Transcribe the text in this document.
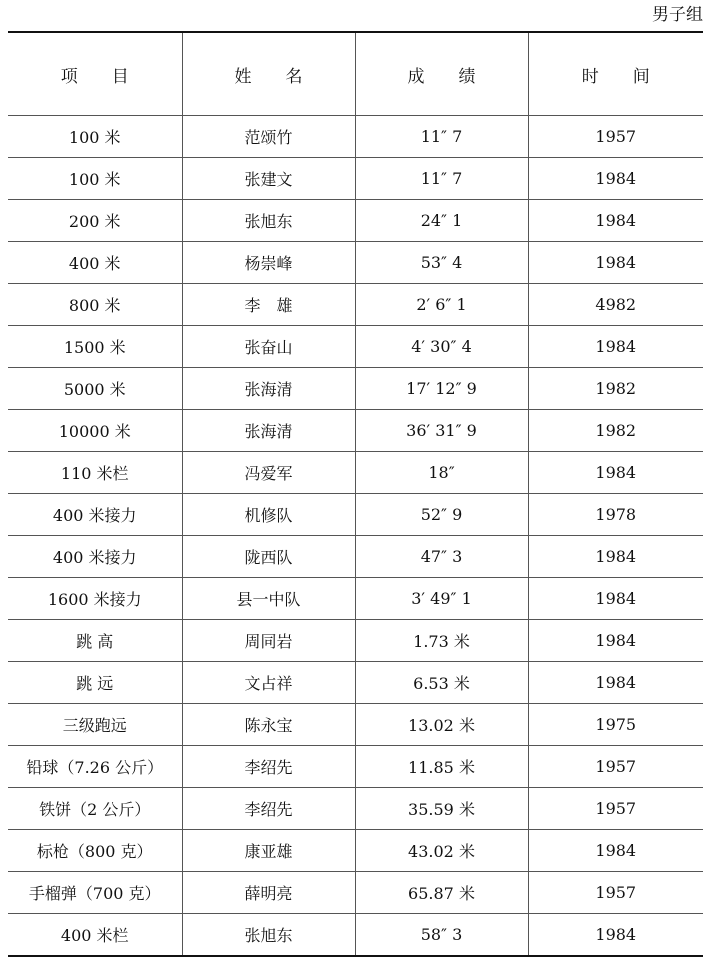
男子组
项　　目	姓　　名	成　　绩	时　　间
100 米	范颂竹	11″ 7	1957
100 米	张建文	11″ 7	1984
200 米	张旭东	24″ 1	1984
400 米	杨崇峰	53″ 4	1984
800 米	李　雄	2′ 6″ 1	4982
1500 米	张奋山	4′ 30″ 4	1984
5000 米	张海清	17′ 12″ 9	1982
10000 米	张海清	36′ 31″ 9	1982
110 米栏	冯爱军	18″	1984
400 米接力	机修队	52″ 9	1978
400 米接力	陇西队	47″ 3	1984
1600 米接力	县一中队	3′ 49″ 1	1984
跳 高	周同岩	1.73 米	1984
跳 远	文占祥	6.53 米	1984
三级跑远	陈永宝	13.02 米	1975
铅球（7.26 公斤）	李绍先	11.85 米	1957
铁饼（2 公斤）	李绍先	35.59 米	1957
标枪（800 克）	康亚雄	43.02 米	1984
手榴弹（700 克）	薛明亮	65.87 米	1957
400 米栏	张旭东	58″ 3	1984
